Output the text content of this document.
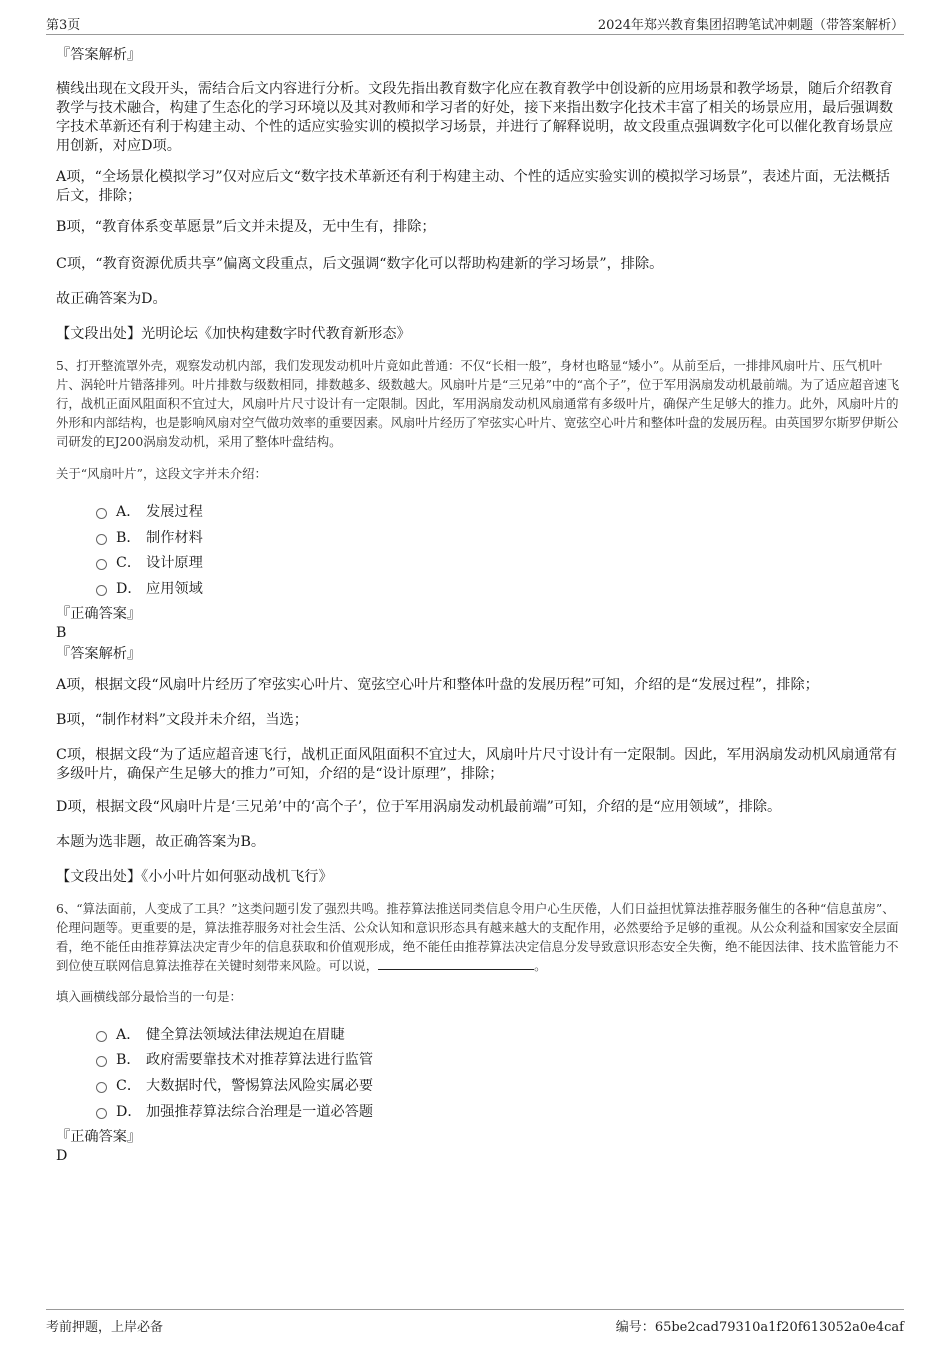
第3页	2024年郑兴教育集团招聘笔试冲刺题（带答案解析）

『答案解析』

横线出现在文段开头，需结合后文内容进行分析。文段先指出教育数字化应在教育教学中创设新的应用场景和教学场景，随后介绍教育教学与技术融合，构建了生态化的学习环境以及其对教师和学习者的好处，接下来指出数字化技术丰富了相关的场景应用，最后强调数字技术革新还有利于构建主动、个性的适应实验实训的模拟学习场景，并进行了解释说明，故文段重点强调数字化可以催化教育场景应用创新，对应D项。

A项，“全场景化模拟学习”仅对应后文“数字技术革新还有利于构建主动、个性的适应实验实训的模拟学习场景”，表述片面，无法概括后文，排除；

B项，“教育体系变革愿景”后文并未提及，无中生有，排除；

C项，“教育资源优质共享”偏离文段重点，后文强调“数字化可以帮助构建新的学习场景”，排除。

故正确答案为D。

【文段出处】光明论坛《加快构建数字时代教育新形态》

5、打开整流罩外壳，观察发动机内部，我们发现发动机叶片竟如此普通：不仅“长相一般”，身材也略显“矮小”。从前至后，一排排风扇叶片、压气机叶片、涡轮叶片错落排列。叶片排数与级数相同，排数越多、级数越大。风扇叶片是“三兄弟”中的“高个子”，位于军用涡扇发动机最前端。为了适应超音速飞行，战机正面风阻面积不宜过大，风扇叶片尺寸设计有一定限制。因此，军用涡扇发动机风扇通常有多级叶片，确保产生足够大的推力。此外，风扇叶片的外形和内部结构，也是影响风扇对空气做功效率的重要因素。风扇叶片经历了窄弦实心叶片、宽弦空心叶片和整体叶盘的发展历程。由英国罗尔斯罗伊斯公司研发的EJ200涡扇发动机，采用了整体叶盘结构。

关于“风扇叶片”，这段文字并未介绍：

A． 发展过程
B． 制作材料
C． 设计原理
D． 应用领域

『正确答案』

B

『答案解析』

A项，根据文段“风扇叶片经历了窄弦实心叶片、宽弦空心叶片和整体叶盘的发展历程”可知，介绍的是“发展过程”，排除；

B项，“制作材料”文段并未介绍，当选；

C项，根据文段“为了适应超音速飞行，战机正面风阻面积不宜过大，风扇叶片尺寸设计有一定限制。因此，军用涡扇发动机风扇通常有多级叶片，确保产生足够大的推力”可知，介绍的是“设计原理”，排除；

D项，根据文段“风扇叶片是‘三兄弟’中的‘高个子’，位于军用涡扇发动机最前端”可知，介绍的是“应用领域”，排除。

本题为选非题，故正确答案为B。

【文段出处】《小小叶片如何驱动战机飞行》

6、“算法面前，人变成了工具？”这类问题引发了强烈共鸣。推荐算法推送同类信息令用户心生厌倦，人们日益担忧算法推荐服务催生的各种“信息茧房”、伦理问题等。更重要的是，算法推荐服务对社会生活、公众认知和意识形态具有越来越大的支配作用，必然要给予足够的重视。从公众利益和国家安全层面看，绝不能任由推荐算法决定青少年的信息获取和价值观形成，绝不能任由推荐算法决定信息分发导致意识形态安全失衡，绝不能因法律、技术监管能力不到位使互联网信息算法推荐在关键时刻带来风险。可以说，	。

填入画横线部分最恰当的一句是：

A． 健全算法领域法律法规迫在眉睫
B． 政府需要靠技术对推荐算法进行监管
C． 大数据时代，警惕算法风险实属必要
D． 加强推荐算法综合治理是一道必答题

『正确答案』

D

考前押题，上岸必备	编号：65be2cad79310a1f20f613052a0e4caf
